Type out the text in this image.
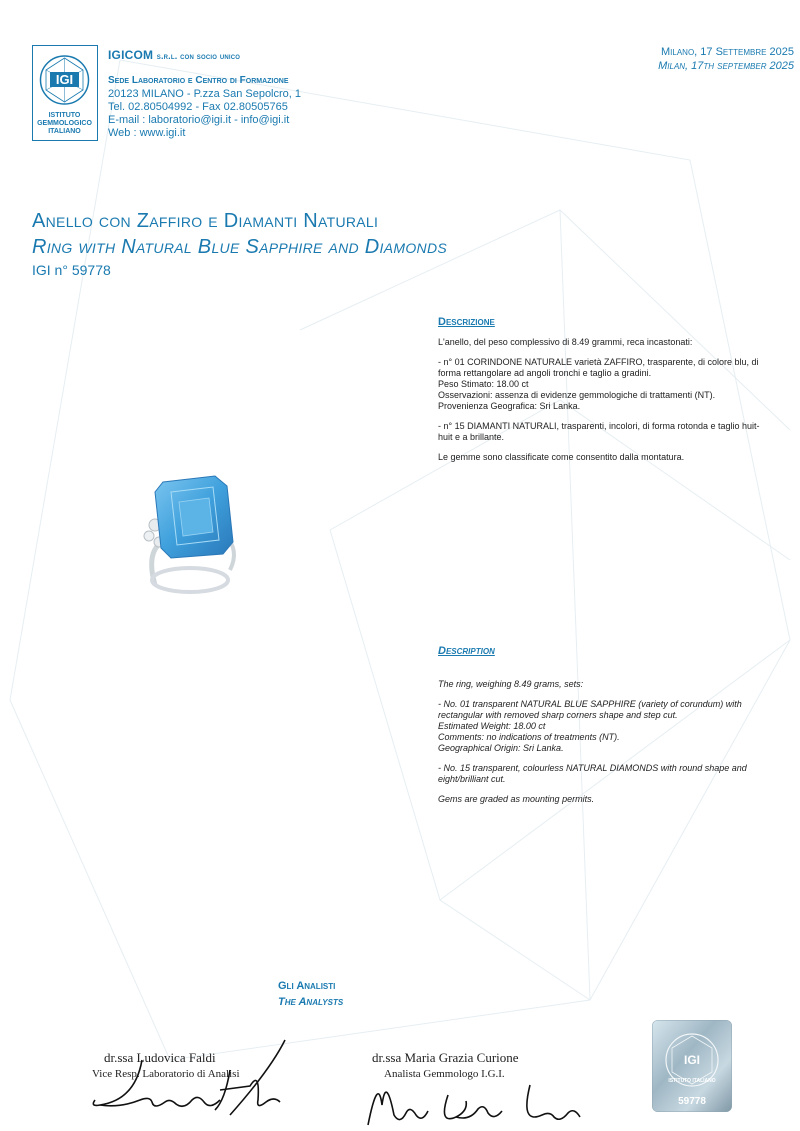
IGI
ISTITUTO
GEMMOLOGICO
ITALIANO
IGICOM s.r.l. con socio unico
Sede Laboratorio e Centro di Formazione
20123 MILANO - P.zza San Sepolcro, 1
Tel. 02.80504992 - Fax 02.80505765
E-mail : laboratorio@igi.it - info@igi.it
Web : www.igi.it
Milano, 17 Settembre 2025
Milan, 17th september 2025
Anello con Zaffiro e Diamanti Naturali
Ring with Natural Blue Sapphire and Diamonds
IGI n° 59778
Descrizione

L'anello, del peso complessivo di 8.49 grammi, reca incastonati:

- n° 01 CORINDONE NATURALE varietà ZAFFIRO, trasparente, di colore blu, di

forma rettangolare ad angoli tronchi e taglio a gradini.

Peso Stimato: 18.00 ct

Osservazioni: assenza di evidenze gemmologiche di trattamenti (NT).

Provenienza Geografica: Sri Lanka.

- n° 15 DIAMANTI NATURALI, trasparenti, incolori, di forma rotonda e taglio huit-

huit e a brillante.

Le gemme sono classificate come consentito dalla montatura.

Description

The ring, weighing 8.49 grams, sets:

- No. 01 transparent NATURAL BLUE SAPPHIRE (variety of corundum) with

rectangular with removed sharp corners shape and step cut.

Estimated Weight: 18.00 ct

Comments: no indications of treatments (NT).

Geographical Origin: Sri Lanka.

- No. 15 transparent, colourless NATURAL DIAMONDS with round shape and

eight/brilliant cut.

Gems are graded as mounting permits.

Gli Analisti
The Analysts
dr.ssa Ludovica Faldi
Vice Resp. Laboratorio di Analisi
dr.ssa Maria Grazia Curione
Analista Gemmologo I.G.I.
IGI
ISTITUTO ITALIANO
59778
